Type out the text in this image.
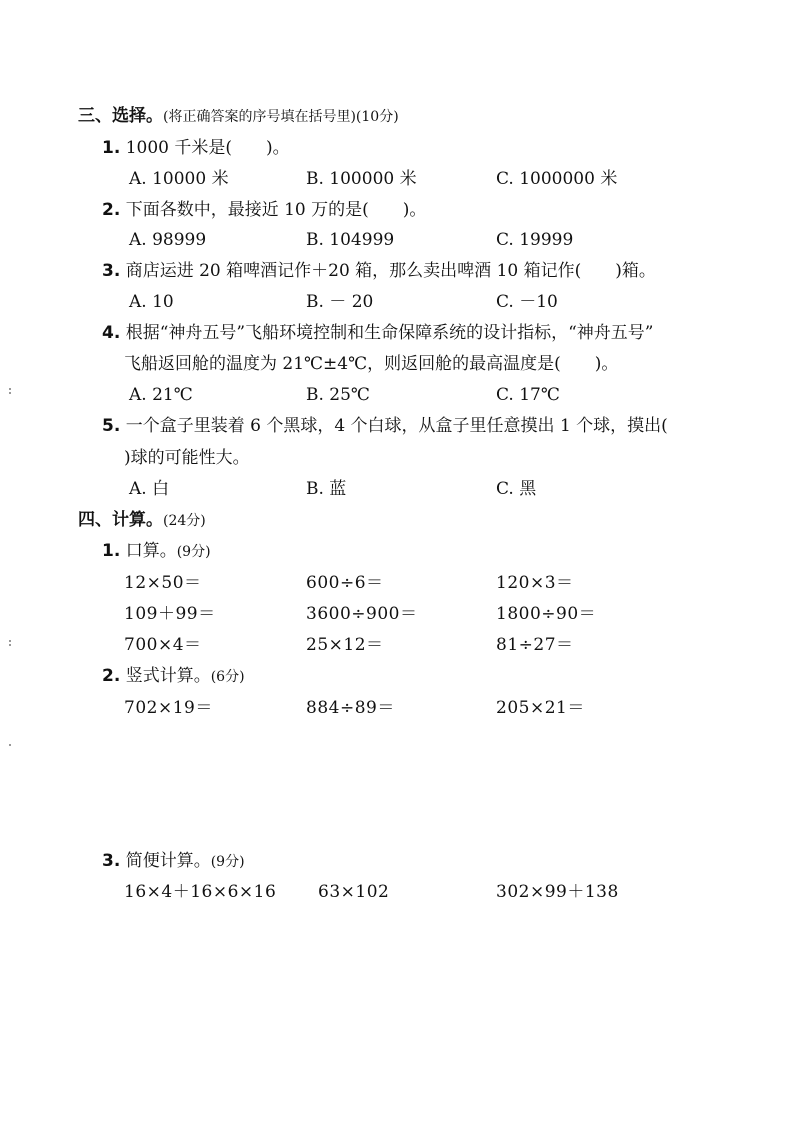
三、选择。(将正确答案的序号填在括号里)(10分)
1. 1000 千米是(　　)。
A. 10000 米	B. 100000 米	C. 1000000 米
2. 下面各数中，最接近 10 万的是(　　)。
A. 98999	B. 104999	C. 19999
3. 商店运进 20 箱啤酒记作＋20 箱，那么卖出啤酒 10 箱记作(　　)箱。
A. 10	B. － 20	C. －10
4. 根据“神舟五号”飞船环境控制和生命保障系统的设计指标，“神舟五号”
飞船返回舱的温度为 21℃±4℃，则返回舱的最高温度是(　　)。
A. 21℃	B. 25℃	C. 17℃
5. 一个盒子里装着 6 个黑球，4 个白球，从盒子里任意摸出 1 个球，摸出(
)球的可能性大。
A. 白	B. 蓝	C. 黑
四、计算。(24分)
1. 口算。(9分)
12×50＝	600÷6＝	120×3＝
109＋99＝	3600÷900＝	1800÷90＝
700×4＝	25×12＝	81÷27＝
2. 竖式计算。(6分)
702×19＝	884÷89＝	205×21＝
3. 简便计算。(9分)
16×4＋16×6×16 63×102	302×99＋138
